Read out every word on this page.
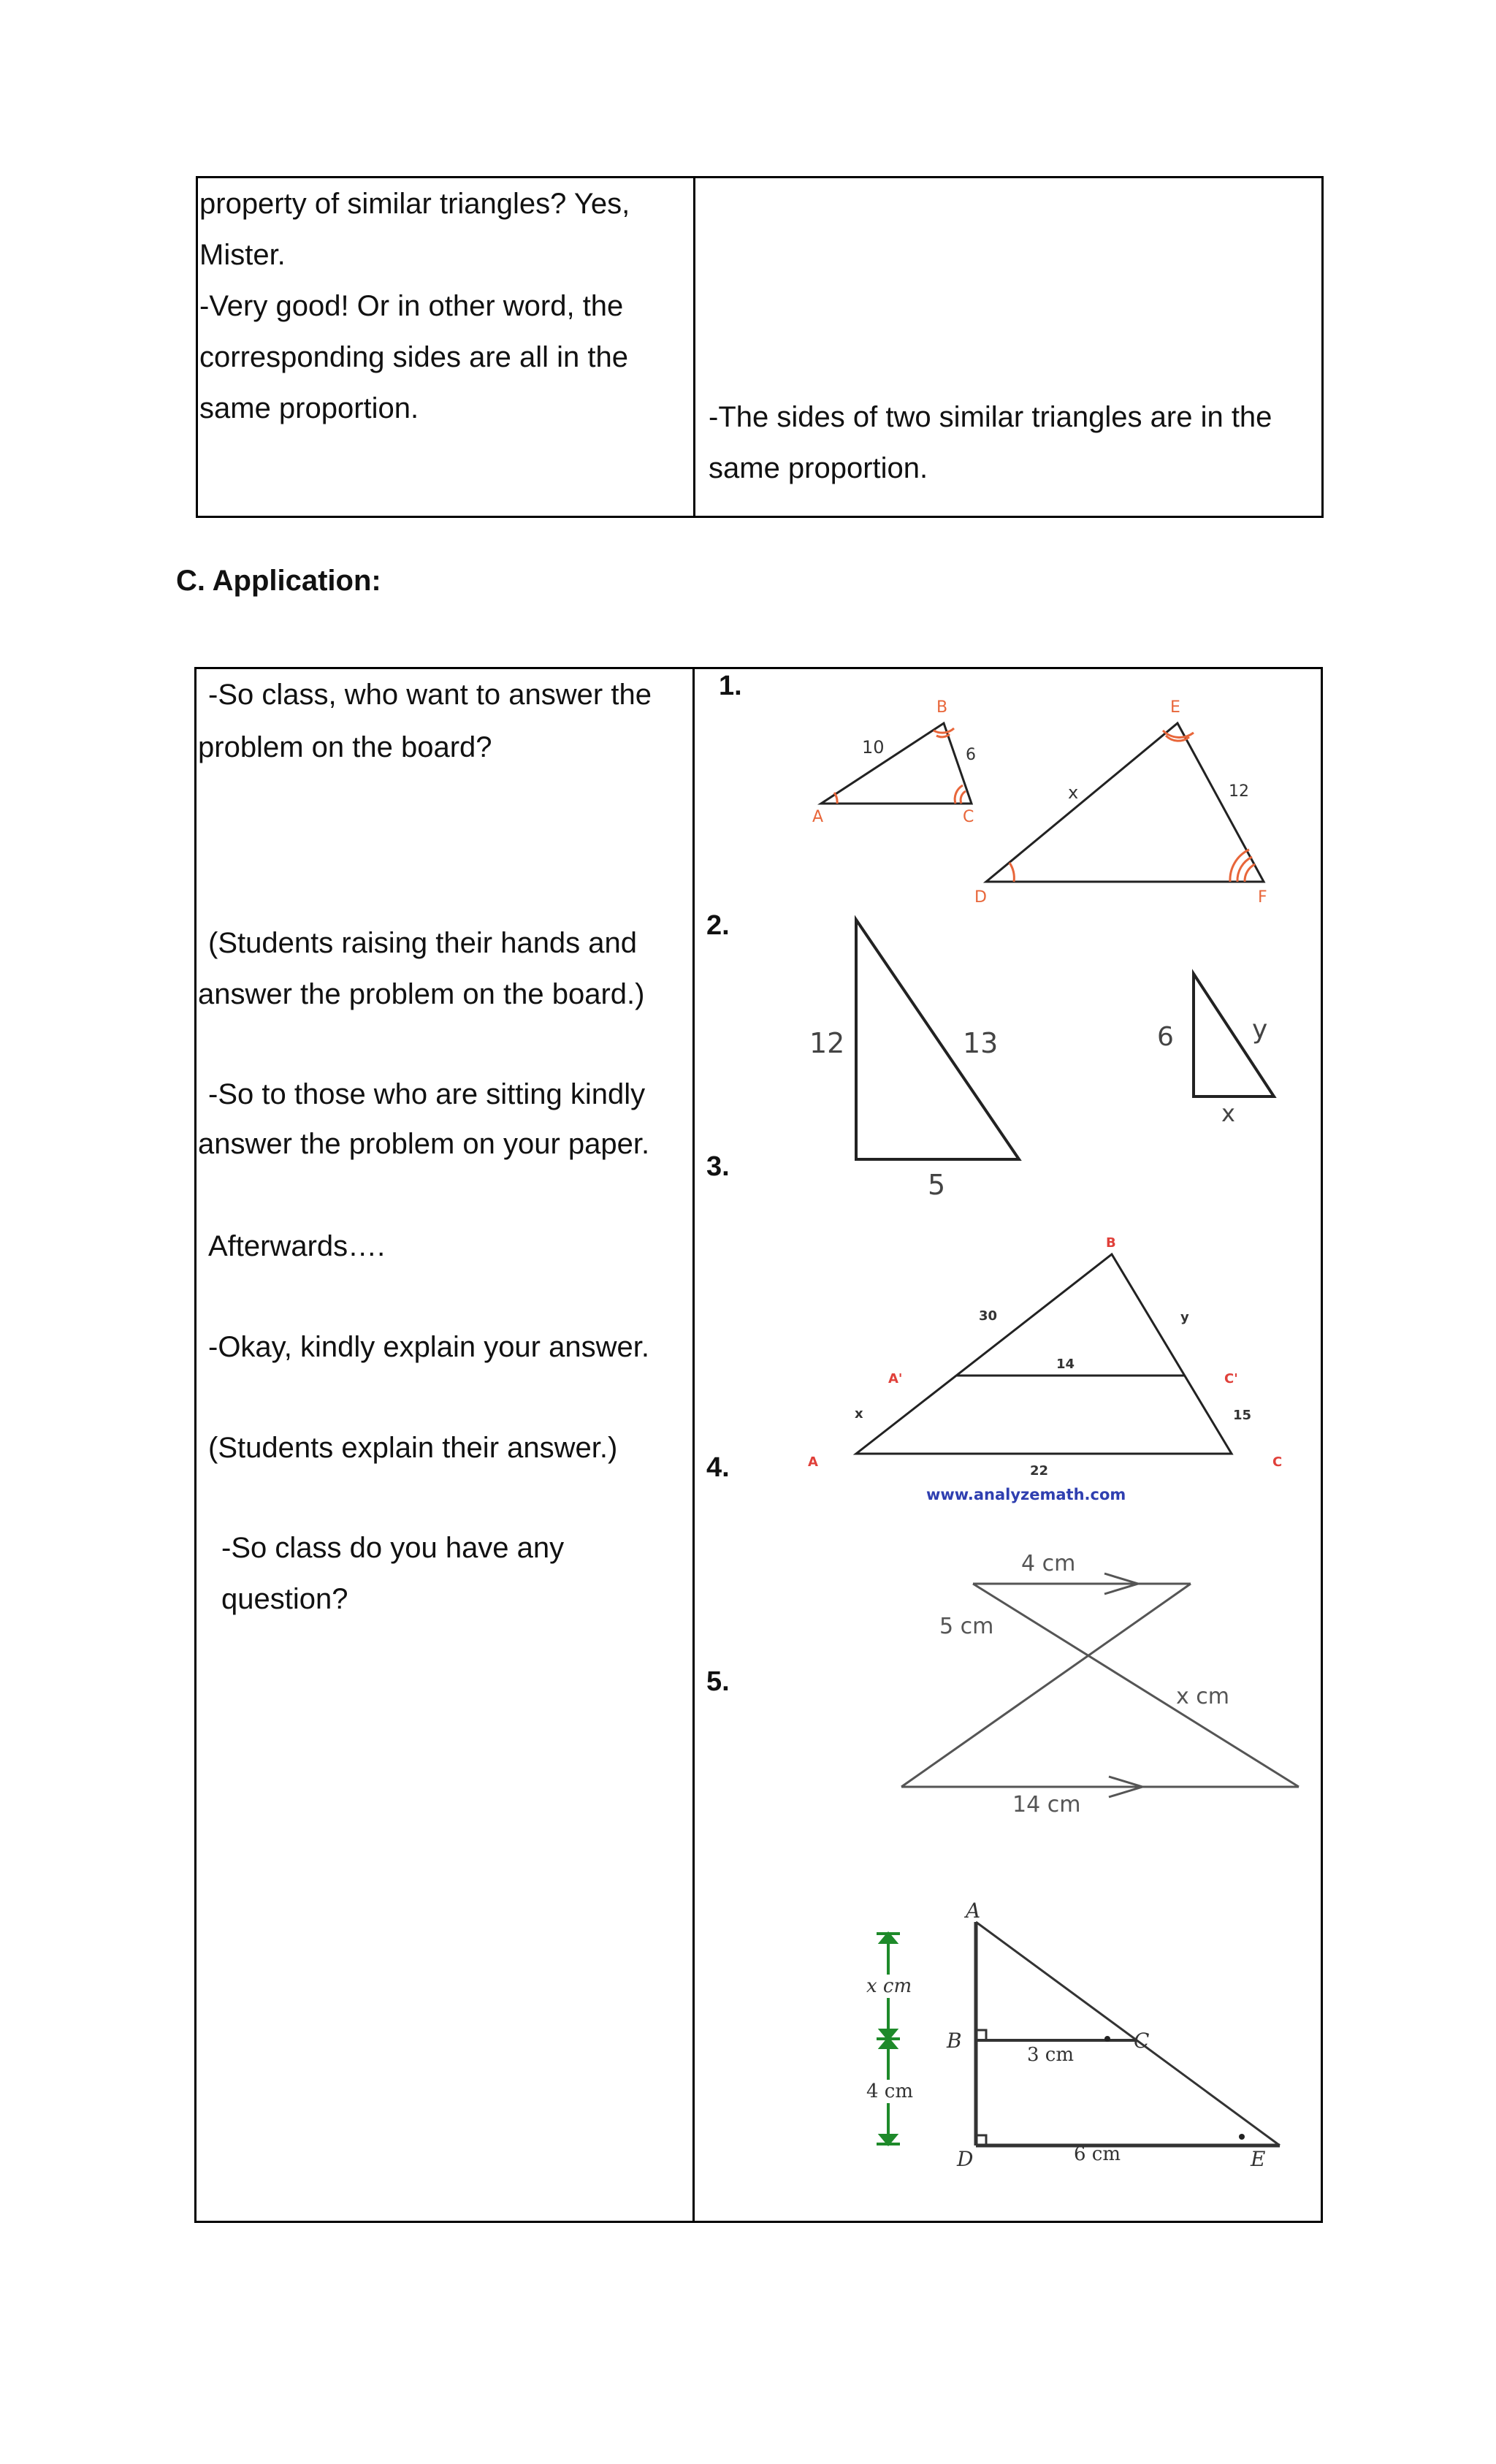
property of similar triangles? Yes,
Mister.
-Very good! Or in other word, the
corresponding sides are all in the
same proportion.	-The sides of two similar triangles are in the
same proportion.
C. Application:
-So class, who want to answer the
problem on the board?
(Students raising their hands and
answer the problem on the board.)
-So to those who are sitting kindly
answer the problem on your paper.
Afterwards….
-Okay, kindly explain your answer.
(Students explain their answer.)
-So class do you have any
question?

1.
2.
3.
4.
5.
10	6
A
B
C
x	12
D
E
F
12	13
5
6	y
x
B
30	y
A'
14
C'
x	15
A
22
C
www.analyzemath.com
4 cm
5 cm
x cm
14 cm
x cm
4 cm
A
B
3 cm
C
D	6 cm	E
